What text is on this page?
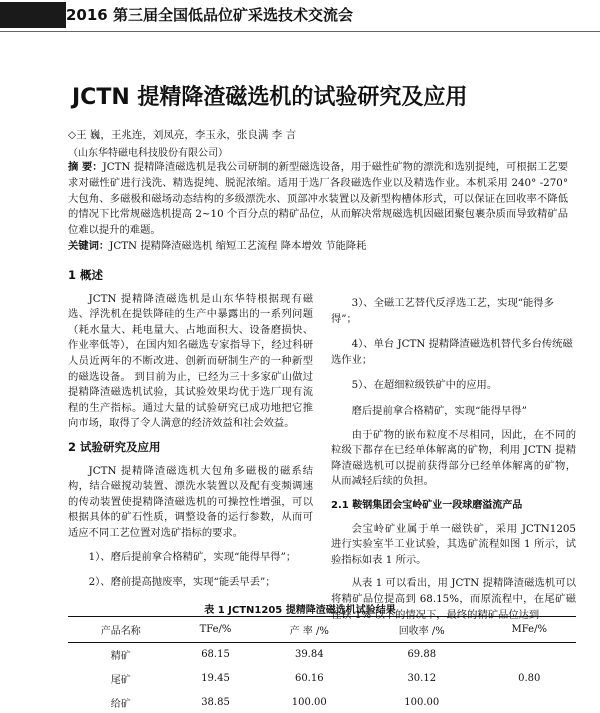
2016 第三届全国低品位矿采选技术交流会
JCTN 提精降渣磁选机的试验研究及应用
◇王 巍，王兆连，刘凤亮，李玉永，张良满 李 言
（山东华特磁电科技股份有限公司）
摘 要：JCTN 提精降渣磁选机是我公司研制的新型磁选设备，用于磁性矿物的漂洗和选别提纯，可根据工艺要求对磁性矿进行浅洗、精选提纯、脱泥浓缩。适用于选厂各段磁选作业以及精选作业。本机采用 240° -270° 大包角、多磁极和磁场动态结构的多级漂洗水、顶部冲水装置以及新型构槽体形式，可以保证在回收率不降低的情况下比常规磁选机提高 2~10 个百分点的精矿品位，从而解决常规磁选机因磁团聚包裹杂质而导致精矿品位难以提升的难题。
关键词：JCTN 提精降渣磁选机 缩短工艺流程 降本增效 节能降耗
1 概述
JCTN 提精降渣磁选机是山东华特根据现有磁选、浮洗机在提铁降硅的生产中暴露出的一系列问题（耗水量大、耗电量大、占地面积大、设备磨损快、作业率低等），在国内知名磁选专家指导下，经过科研人员近两年的不断改进、创新而研制生产的一种新型的磁选设备。 到目前为止，已经为三十多家矿山做过提精降渣磁选机试验，其试验效果均优于选厂现有流程的生产指标。通过大量的试验研究已成功地把它推向市场，取得了令人满意的经济效益和社会效益。
2 试验研究及应用
JCTN 提精降渣磁选机大包角多磁极的磁系结构，结合磁搅动装置、漂洗水装置以及配有变频调速的传动装置使提精降渣磁选机的可操控性增强，可以根据具体的矿石性质，调整设备的运行参数，从而可适应不同工艺位置对选矿指标的要求。
1）、磨后提前拿合格精矿，实现“能得早得”；
2）、磨前提高抛废率，实现“能丢早丢”；
3）、全磁工艺替代反浮选工艺，实现“能得多得”；
4）、单台 JCTN 提精降渣磁选机替代多台传统磁选作业；
5）、在超细粒级铁矿中的应用。
磨后提前拿合格精矿，实现“能得早得”
由于矿物的嵌布粒度不尽相同，因此，在不同的粒级下都存在已经单体解离的矿物，利用 JCTN 提精降渣磁选机可以提前获得部分已经单体解离的矿物，从而减轻后续的负担。
2.1 鞍钢集团会宝岭矿业一段球磨溢流产品
会宝岭矿业属于单一磁铁矿，采用 JCTN1205 进行实验室半工业试验，其选矿流程如图 1 所示，试验指标如表 1 所示。
从表 1 可以看出，用 JCTN 提精降渣磁选机可以将精矿品位提高到 68.15%，而原流程中，在尾矿磁性铁 1% 以下的情况下，最终的精矿品位达到
表 1 JCTN1205 提精降渣磁选机试验结果
产品名称	TFe/%	产 率 /%	回收率 /%	MFe/%
精矿	68.15	39.84	69.88	
尾矿	19.45	60.16	30.12	0.80
给矿	38.85	100.00	100.00	
